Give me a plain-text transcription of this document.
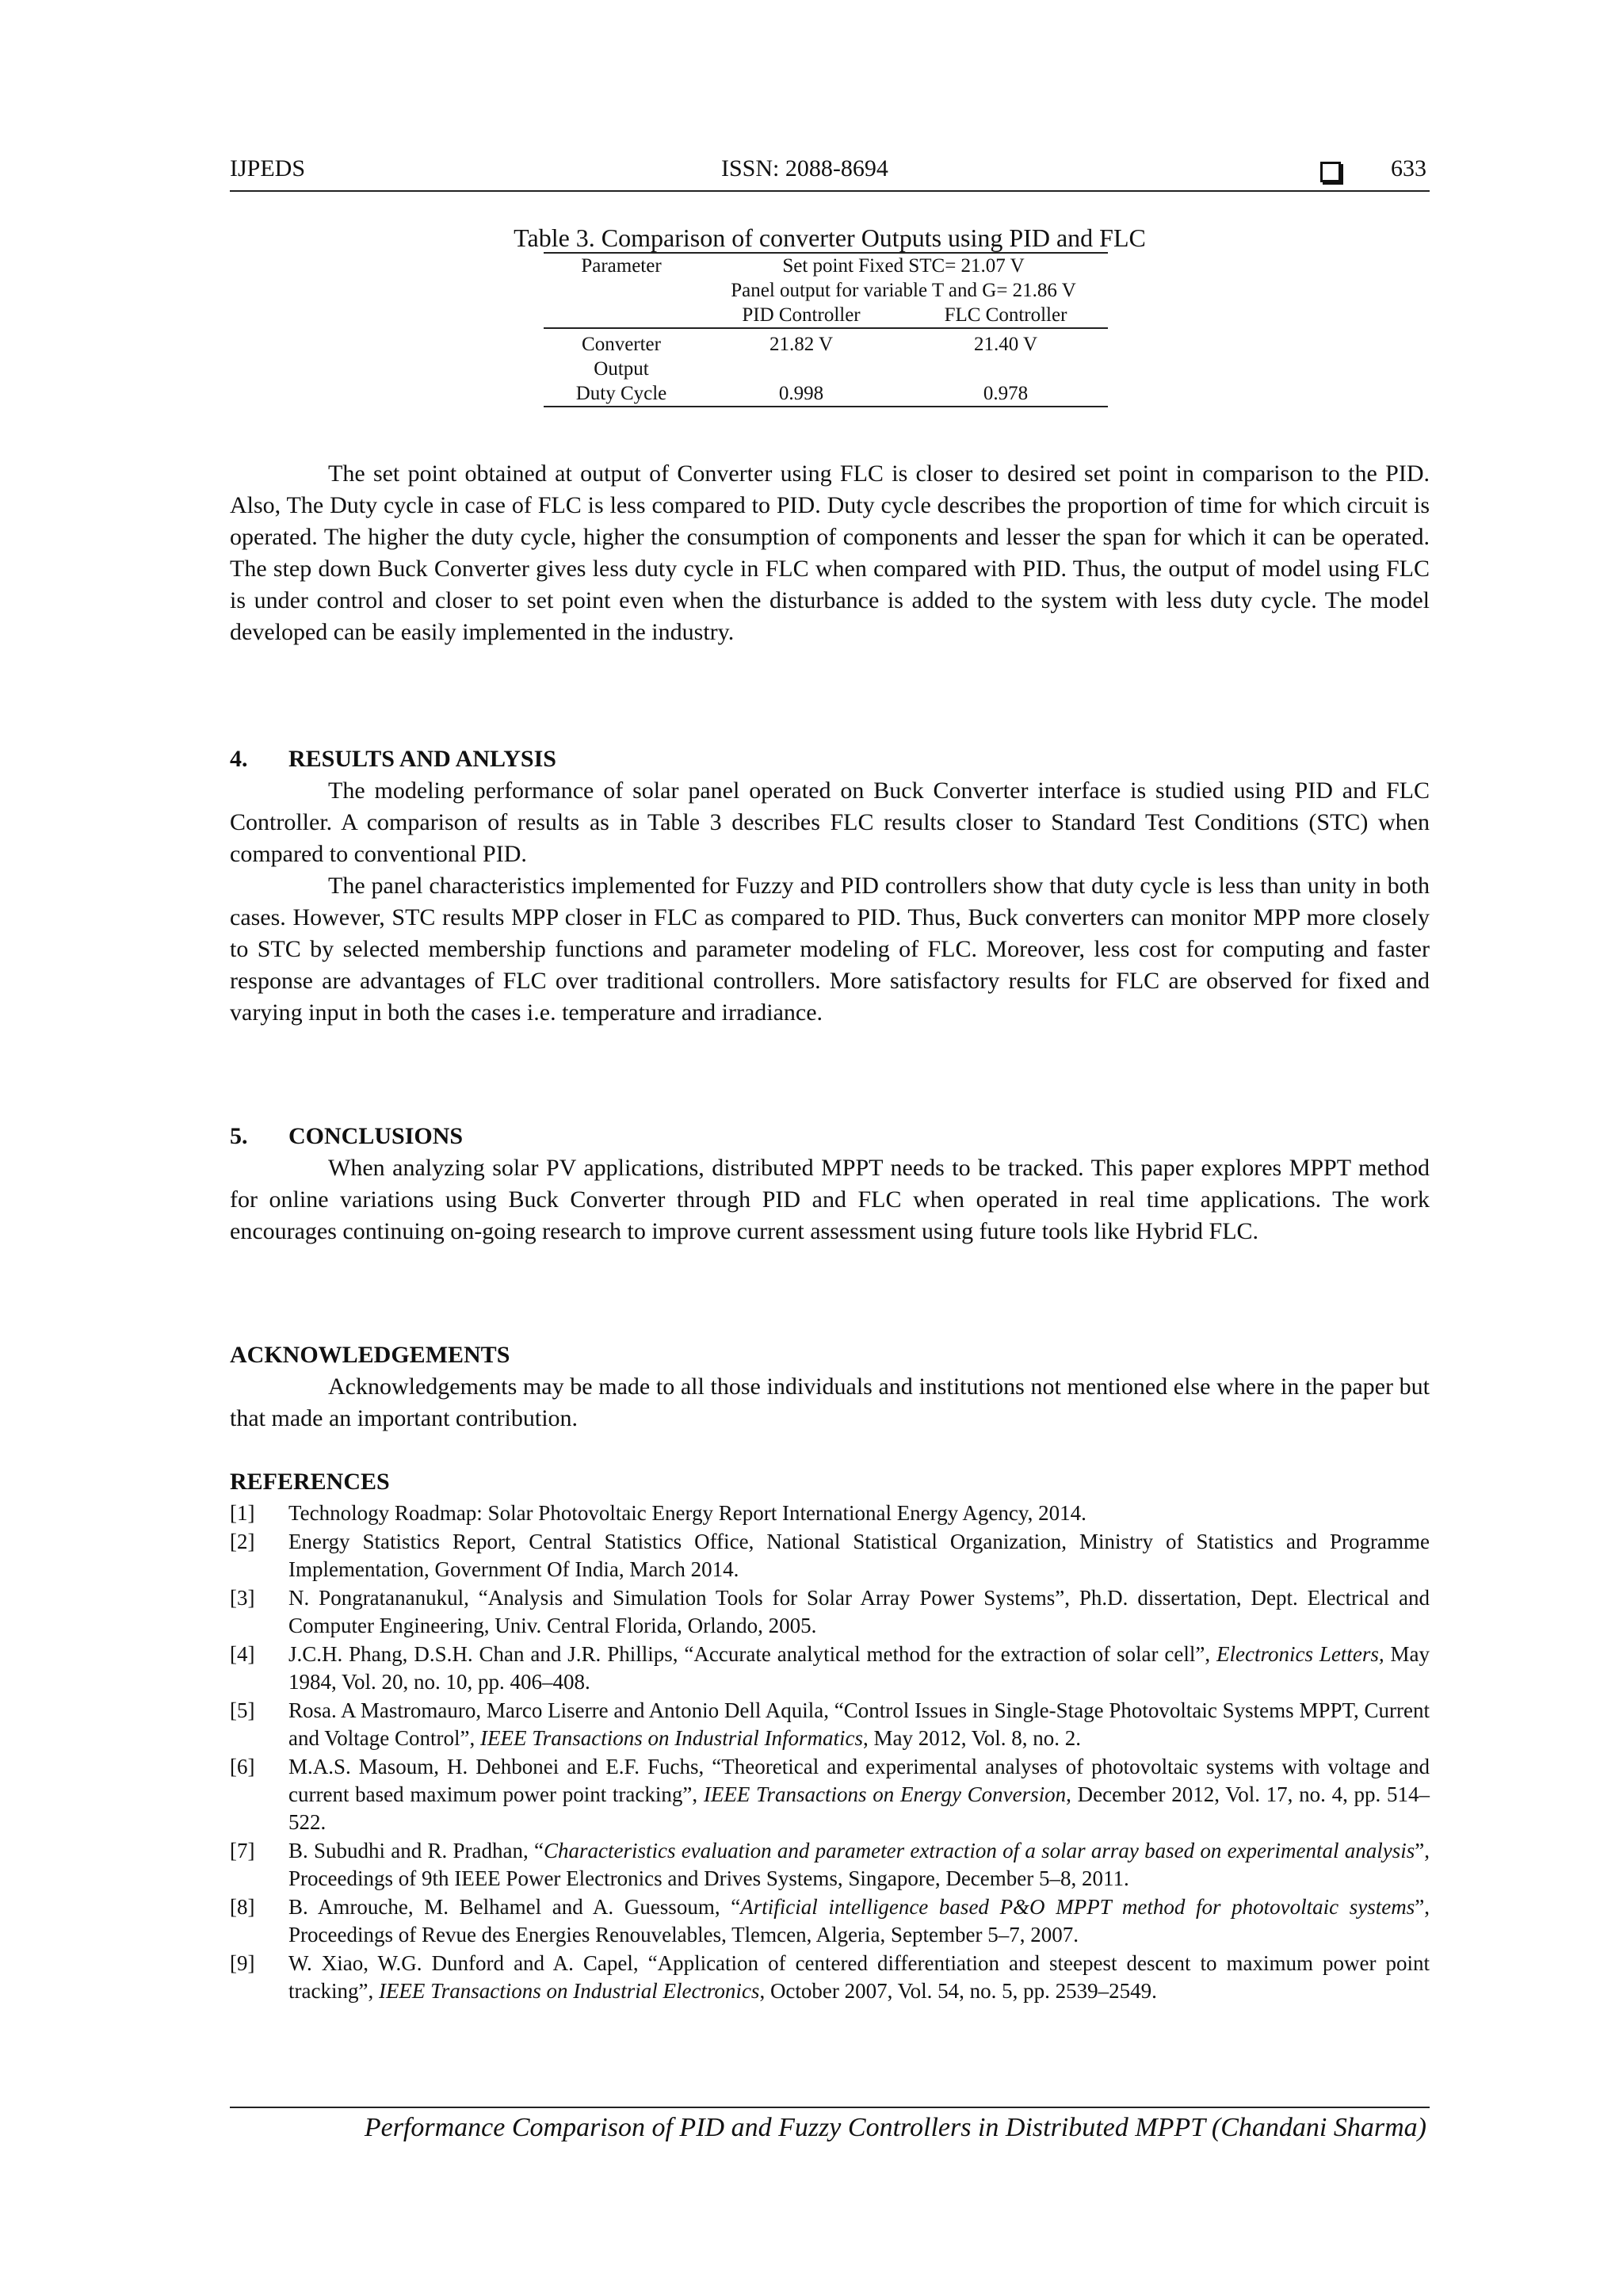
IJPEDS	ISSN: 2088-8694	633
Table 3. Comparison of converter Outputs using PID and FLC
Parameter	Set point Fixed STC= 21.07 V	
	Panel output for variable T and G= 21.86 V	
	PID Controller	FLC Controller

Converter
Output	21.82 V	21.40 V
Duty Cycle	0.998	0.978
The set point obtained at output of Converter using FLC is closer to desired set point in comparison to the PID. Also, The Duty cycle in case of FLC is less compared to PID. Duty cycle describes the proportion of time for which circuit is operated. The higher the duty cycle, higher the consumption of components and lesser the span for which it can be operated. The step down Buck Converter gives less duty cycle in FLC when compared with PID. Thus, the output of model using FLC is under control and closer to set point even when the disturbance is added to the system with less duty cycle. The model developed can be easily implemented in the industry.
4. RESULTS AND ANLYSIS
The modeling performance of solar panel operated on Buck Converter interface is studied using PID and FLC Controller. A comparison of results as in Table 3 describes FLC results closer to Standard Test Conditions (STC) when compared to conventional PID.
The panel characteristics implemented for Fuzzy and PID controllers show that duty cycle is less than unity in both cases. However, STC results MPP closer in FLC as compared to PID. Thus, Buck converters can monitor MPP more closely to STC by selected membership functions and parameter modeling of FLC. Moreover, less cost for computing and faster response are advantages of FLC over traditional controllers. More satisfactory results for FLC are observed for fixed and varying input in both the cases i.e. temperature and irradiance.
5. CONCLUSIONS
When analyzing solar PV applications, distributed MPPT needs to be tracked. This paper explores MPPT method for online variations using Buck Converter through PID and FLC when operated in real time applications. The work encourages continuing on-going research to improve current assessment using future tools like Hybrid FLC.
ACKNOWLEDGEMENTS
Acknowledgements may be made to all those individuals and institutions not mentioned else where in the paper but that made an important contribution.
REFERENCES
[1]	Technology Roadmap: Solar Photovoltaic Energy Report International Energy Agency, 2014.
[2]	Energy Statistics Report, Central Statistics Office, National Statistical Organization, Ministry of Statistics and Programme Implementation, Government Of India, March 2014.
[3]	N. Pongratananukul, “Analysis and Simulation Tools for Solar Array Power Systems”, Ph.D. dissertation, Dept. Electrical and Computer Engineering, Univ. Central Florida, Orlando, 2005.
[4]	J.C.H. Phang, D.S.H. Chan and J.R. Phillips, “Accurate analytical method for the extraction of solar cell”, Electronics Letters, May 1984, Vol. 20, no. 10, pp. 406–408.
[5]	Rosa. A Mastromauro, Marco Liserre and Antonio Dell Aquila, “Control Issues in Single-Stage Photovoltaic Systems MPPT, Current and Voltage Control”, IEEE Transactions on Industrial Informatics, May 2012, Vol. 8, no. 2.
[6]	M.A.S. Masoum, H. Dehbonei and E.F. Fuchs, “Theoretical and experimental analyses of photovoltaic systems with voltage and current based maximum power point tracking”, IEEE Transactions on Energy Conversion, December 2012, Vol. 17, no. 4, pp. 514–522.
[7]	B. Subudhi and R. Pradhan, “Characteristics evaluation and parameter extraction of a solar array based on experimental analysis”, Proceedings of 9th IEEE Power Electronics and Drives Systems, Singapore, December 5–8, 2011.
[8]	B. Amrouche, M. Belhamel and A. Guessoum, “Artificial intelligence based P&O MPPT method for photovoltaic systems”, Proceedings of Revue des Energies Renouvelables, Tlemcen, Algeria, September 5–7, 2007.
[9]	W. Xiao, W.G. Dunford and A. Capel, “Application of centered differentiation and steepest descent to maximum power point tracking”, IEEE Transactions on Industrial Electronics, October 2007, Vol. 54, no. 5, pp. 2539–2549.
Performance Comparison of PID and Fuzzy Controllers in Distributed MPPT (Chandani Sharma)
